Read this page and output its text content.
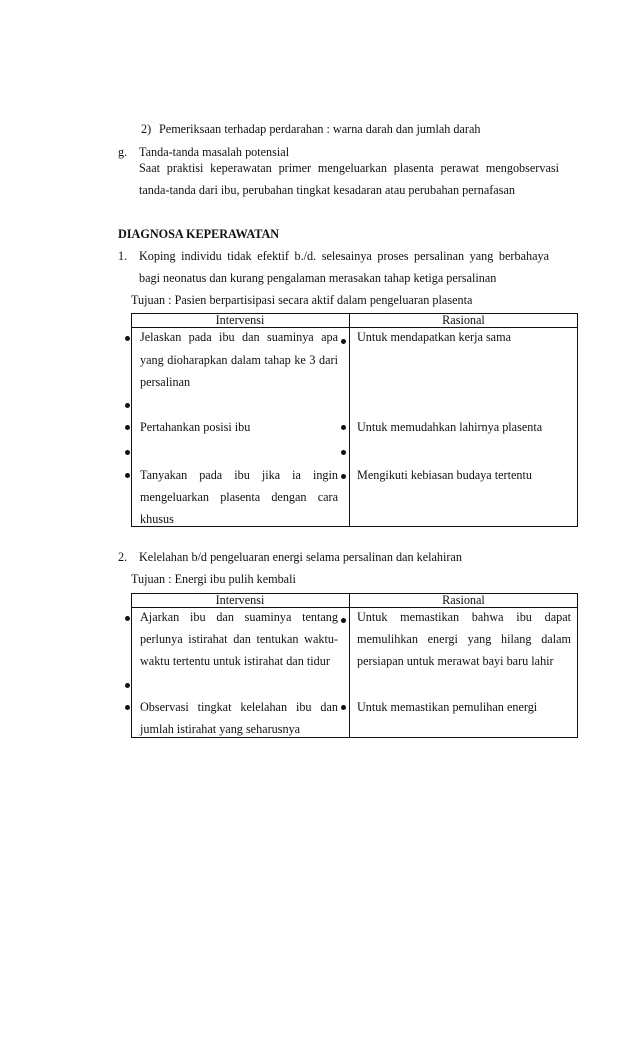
2) Pemeriksaan terhadap perdarahan : warna darah dan jumlah darah
g. Tanda-tanda masalah potensial
Saat praktisi keperawatan primer mengeluarkan plasenta perawat mengobservasi
tanda-tanda dari ibu, perubahan tingkat kesadaran atau perubahan pernafasan
DIAGNOSA KEPERAWATAN
1. Koping individu tidak efektif b./d. selesainya proses persalinan yang berbahaya
bagi neonatus dan kurang pengalaman merasakan tahap ketiga persalinan
Tujuan : Pasien berpartisipasi secara aktif dalam pengeluaran plasenta
Intervensi	Rasional
Jelaskan pada ibu dan suaminya apa
yang dioharapkan dalam tahap ke 3 dari
persalinan
Pertahankan posisi ibu
Tanyakan pada ibu jika ia ingin
mengeluarkan plasenta dengan cara
khusus
Untuk mendapatkan kerja sama
Untuk memudahkan lahirnya plasenta
Mengikuti kebiasan budaya tertentu
2. Kelelahan b/d pengeluaran energi selama persalinan dan kelahiran
Tujuan : Energi ibu pulih kembali
Intervensi	Rasional
Ajarkan ibu dan suaminya tentang
perlunya istirahat dan tentukan waktu-
waktu tertentu untuk istirahat dan tidur
Observasi tingkat kelelahan ibu dan
jumlah istirahat yang seharusnya
Untuk memastikan bahwa ibu dapat
memulihkan energi yang hilang dalam
persiapan untuk merawat bayi baru lahir
Untuk memastikan pemulihan energi
